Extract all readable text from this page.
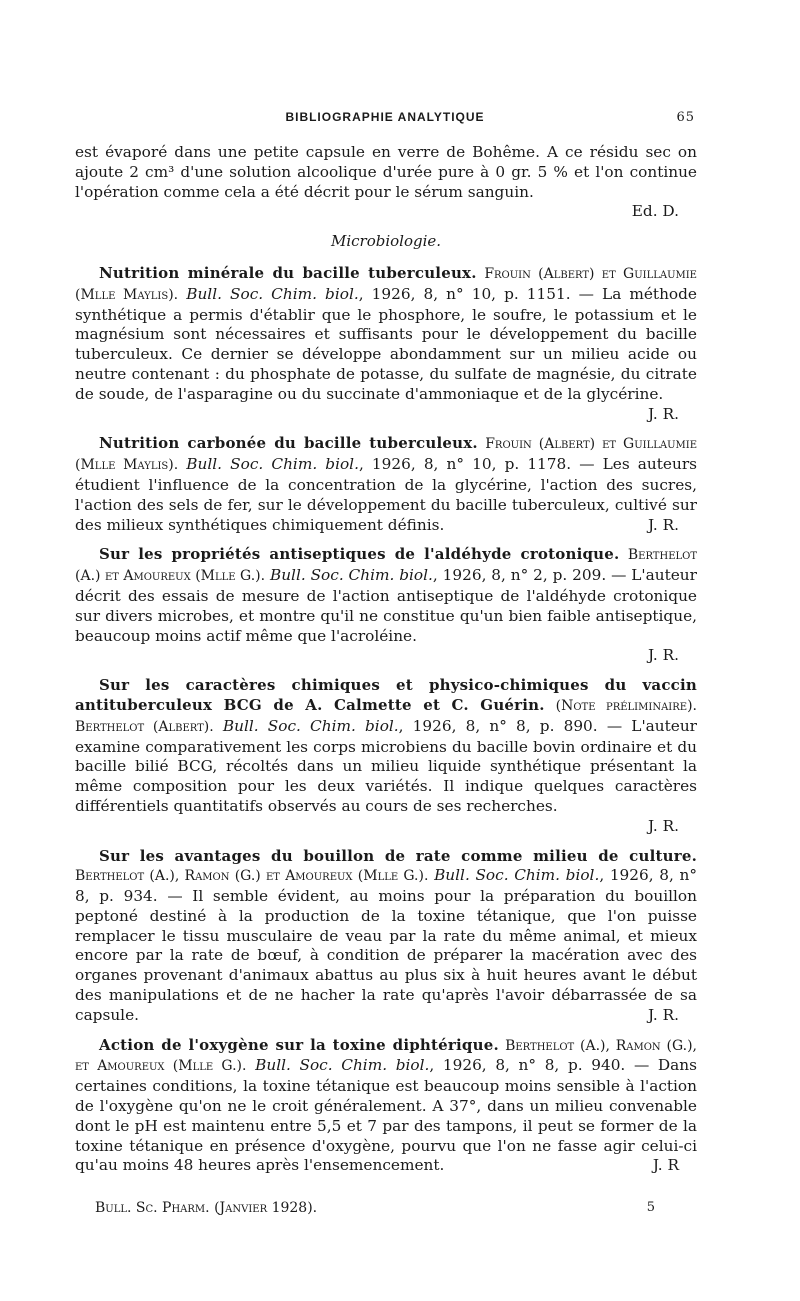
BIBLIOGRAPHIE ANALYTIQUE	65

est évaporé dans une petite capsule en verre de Bohême. A ce résidu sec on ajoute 2 cm³ d'une solution alcoolique d'urée pure à 0 gr. 5 % et l'on continue l'opération comme cela a été décrit pour le sérum sanguin.

Ed. D.

Microbiologie.

Nutrition minérale du bacille tuberculeux. Frouin (Albert) et Guillaumie (Mlle Maylis). Bull. Soc. Chim. biol., 1926, 8, n° 10, p. 1151. — La méthode synthétique a permis d'établir que le phosphore, le soufre, le potassium et le magnésium sont nécessaires et suffisants pour le développement du bacille tuberculeux. Ce dernier se développe abondamment sur un milieu acide ou neutre contenant : du phosphate de potasse, du sulfate de magnésie, du citrate de soude, de l'asparagine ou du succinate d'ammoniaque et de la glycérine.
J. R.

Nutrition carbonée du bacille tuberculeux. Frouin (Albert) et Guillaumie (Mlle Maylis). Bull. Soc. Chim. biol., 1926, 8, n° 10, p. 1178. — Les auteurs étudient l'influence de la concentration de la glycérine, l'action des sucres, l'action des sels de fer, sur le développement du bacille tuberculeux, cultivé sur des milieux synthétiques chimiquement définis.	J. R.

Sur les propriétés antiseptiques de l'aldéhyde crotonique. Berthelot (A.) et Amoureux (Mlle G.). Bull. Soc. Chim. biol., 1926, 8, n° 2, p. 209. — L'auteur décrit des essais de mesure de l'action antiseptique de l'aldéhyde crotonique sur divers microbes, et montre qu'il ne constitue qu'un bien faible antiseptique, beaucoup moins actif même que l'acroléine.

J. R.

Sur les caractères chimiques et physico-chimiques du vaccin antituberculeux BCG de A. Calmette et C. Guérin. (Note préliminaire). Berthelot (Albert). Bull. Soc. Chim. biol., 1926, 8, n° 8, p. 890. — L'auteur examine comparativement les corps microbiens du bacille bovin ordinaire et du bacille bilié BCG, récoltés dans un milieu liquide synthétique présentant la même composition pour les deux variétés. Il indique quelques caractères différentiels quantitatifs observés au cours de ses recherches.

J. R.

Sur les avantages du bouillon de rate comme milieu de culture. Berthelot (A.), Ramon (G.) et Amoureux (Mlle G.). Bull. Soc. Chim. biol., 1926, 8, n° 8, p. 934. — Il semble évident, au moins pour la préparation du bouillon peptoné destiné à la production de la toxine tétanique, que l'on puisse remplacer le tissu musculaire de veau par la rate du même animal, et mieux encore par la rate de bœuf, à condition de préparer la macération avec des organes provenant d'animaux abattus au plus six à huit heures avant le début des manipulations et de ne hacher la rate qu'après l'avoir débarrassée de sa capsule.	J. R.

Action de l'oxygène sur la toxine diphtérique. Berthelot (A.), Ramon (G.), et Amoureux (Mlle G.). Bull. Soc. Chim. biol., 1926, 8, n° 8, p. 940. — Dans certaines conditions, la toxine tétanique est beaucoup moins sensible à l'action de l'oxygène qu'on ne le croit généralement. A 37°, dans un milieu convenable dont le pH est maintenu entre 5,5 et 7 par des tampons, il peut se former de la toxine tétanique en présence d'oxygène, pourvu que l'on ne fasse agir celui-ci qu'au moins 48 heures après l'ensemencement.	J. R

Bull. Sc. Pharm. (Janvier 1928).	5
